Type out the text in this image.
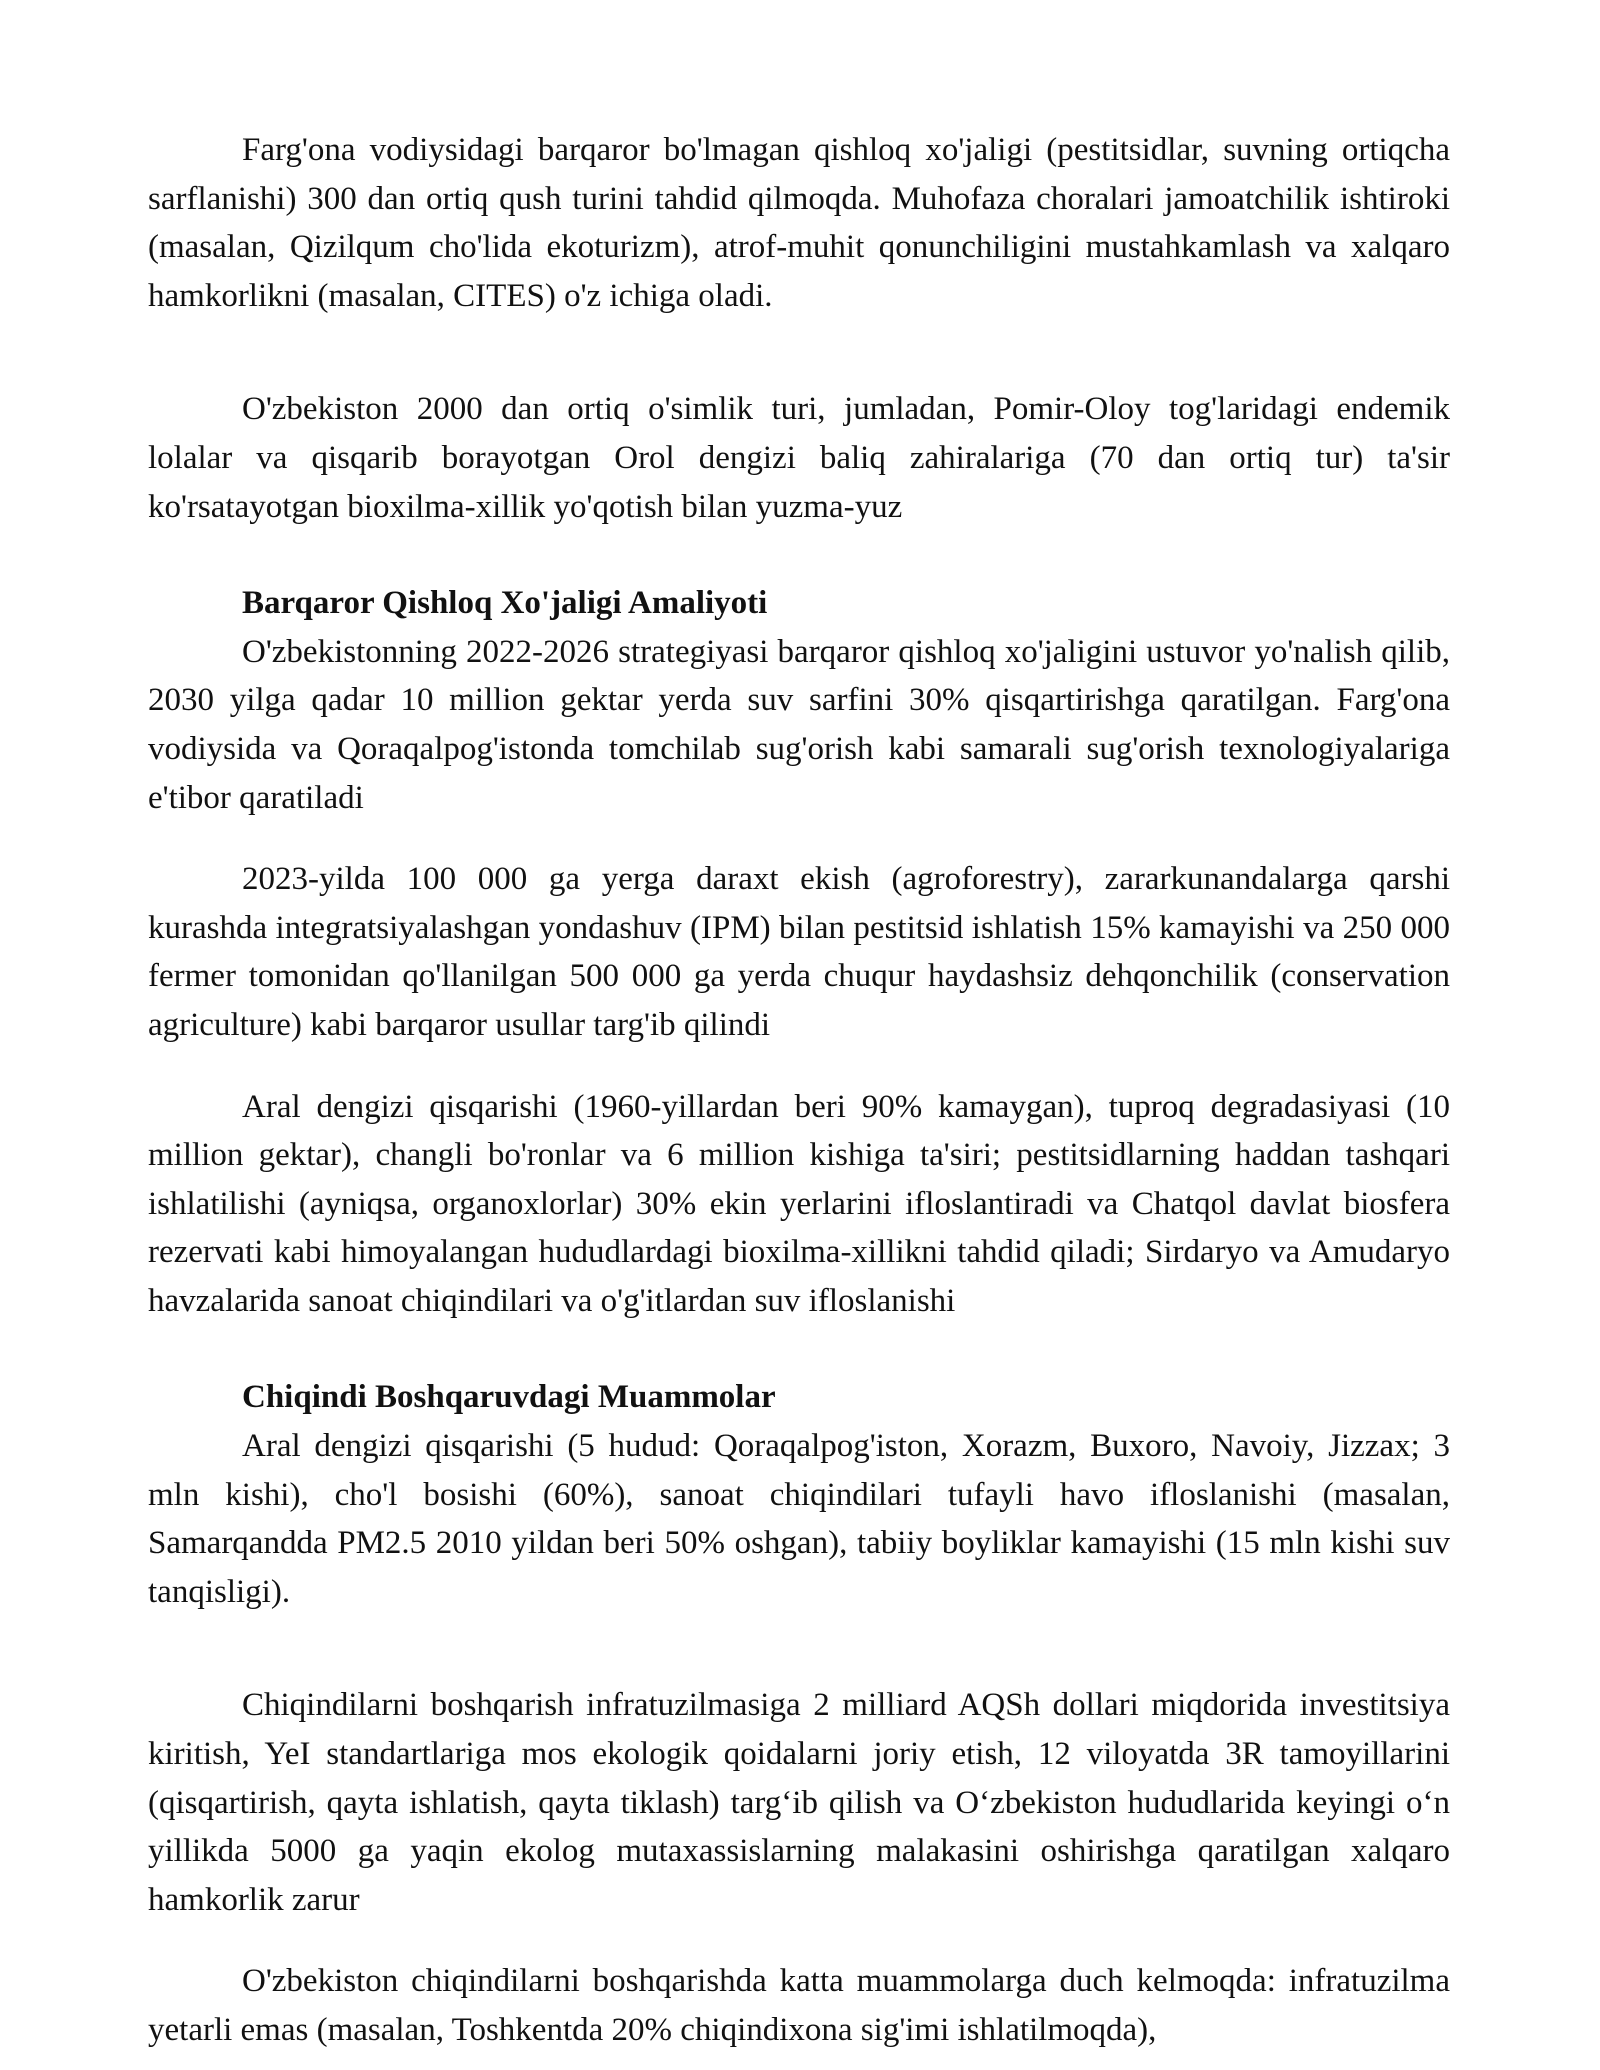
Farg'ona vodiysidagi barqaror bo'lmagan qishloq xo'jaligi (pestitsidlar, suvning ortiqcha sarflanishi) 300 dan ortiq qush turini tahdid qilmoqda. Muhofaza choralari jamoatchilik ishtiroki (masalan, Qizilqum cho'lida ekoturizm), atrof-muhit qonunchiligini mustahkamlash va xalqaro hamkorlikni (masalan, CITES) o'z ichiga oladi.

O'zbekiston 2000 dan ortiq o'simlik turi, jumladan, Pomir-Oloy tog'laridagi endemik lolalar va qisqarib borayotgan Orol dengizi baliq zahiralariga (70 dan ortiq tur) ta'sir ko'rsatayotgan bioxilma-xillik yo'qotish bilan yuzma-yuz

Barqaror Qishloq Xo'jaligi Amaliyoti

O'zbekistonning 2022-2026 strategiyasi barqaror qishloq xo'jaligini ustuvor yo'nalish qilib, 2030 yilga qadar 10 million gektar yerda suv sarfini 30% qisqartirishga qaratilgan. Farg'ona vodiysida va Qoraqalpog'istonda tomchilab sug'orish kabi samarali sug'orish texnologiyalariga e'tibor qaratiladi

2023-yilda 100 000 ga yerga daraxt ekish (agroforestry), zararkunandalarga qarshi kurashda integratsiyalashgan yondashuv (IPM) bilan pestitsid ishlatish 15% kamayishi va 250 000 fermer tomonidan qo'llanilgan 500 000 ga yerda chuqur haydashsiz dehqonchilik (conservation agriculture) kabi barqaror usullar targ'ib qilindi

Aral dengizi qisqarishi (1960-yillardan beri 90% kamaygan), tuproq degradasiyasi (10 million gektar), changli bo'ronlar va 6 million kishiga ta'siri; pestitsidlarning haddan tashqari ishlatilishi (ayniqsa, organoxlorlar) 30% ekin yerlarini ifloslantiradi va Chatqol davlat biosfera rezervati kabi himoyalangan hududlardagi bioxilma-xillikni tahdid qiladi; Sirdaryo va Amudaryo havzalarida sanoat chiqindilari va o'g'itlardan suv ifloslanishi

Chiqindi Boshqaruvdagi Muammolar

Aral dengizi qisqarishi (5 hudud: Qoraqalpog'iston, Xorazm, Buxoro, Navoiy, Jizzax; 3 mln kishi), cho'l bosishi (60%), sanoat chiqindilari tufayli havo ifloslanishi (masalan, Samarqandda PM2.5 2010 yildan beri 50% oshgan), tabiiy boyliklar kamayishi (15 mln kishi suv tanqisligi).

Chiqindilarni boshqarish infratuzilmasiga 2 milliard AQSh dollari miqdorida investitsiya kiritish, YeI standartlariga mos ekologik qoidalarni joriy etish, 12 viloyatda 3R tamoyillarini (qisqartirish, qayta ishlatish, qayta tiklash) targ‘ib qilish va O‘zbekiston hududlarida keyingi o‘n yillikda 5000 ga yaqin ekolog mutaxassislarning malakasini oshirishga qaratilgan xalqaro hamkorlik zarur

O'zbekiston chiqindilarni boshqarishda katta muammolarga duch kelmoqda: infratuzilma yetarli emas (masalan, Toshkentda 20% chiqindixona sig'imi ishlatilmoqda),
